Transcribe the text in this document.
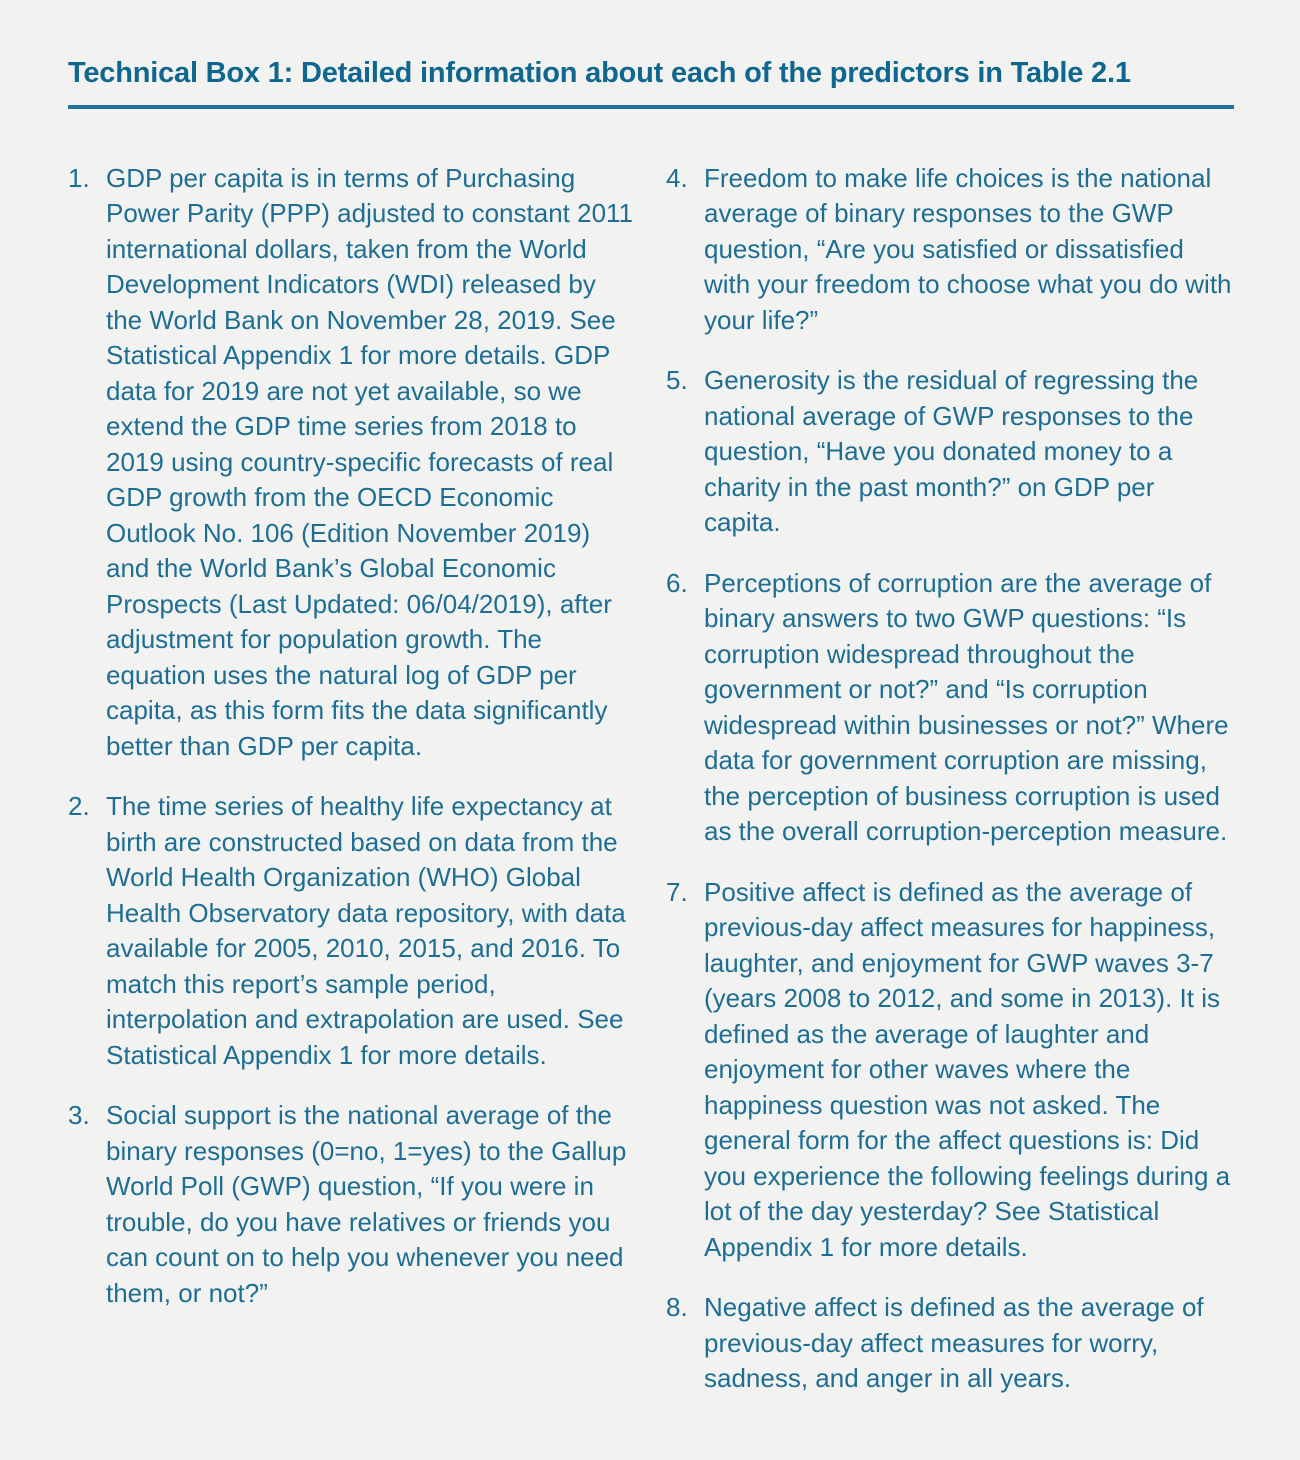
Technical Box 1: Detailed information about each of the predictors in Table 2.1
1. GDP per capita is in terms of Purchasing Power Parity (PPP) adjusted to constant 2011 international dollars, taken from the World Development Indicators (WDI) released by the World Bank on November 28, 2019. See Statistical Appendix 1 for more details. GDP data for 2019 are not yet available, so we extend the GDP time series from 2018 to 2019 using country-specific forecasts of real GDP growth from the OECD Economic Outlook No. 106 (Edition November 2019) and the World Bank’s Global Economic Prospects (Last Updated: 06/04/2019), after adjustment for population growth. The equation uses the natural log of GDP per capita, as this form fits the data significantly better than GDP per capita.
2. The time series of healthy life expectancy at birth are constructed based on data from the World Health Organization (WHO) Global Health Observatory data repository, with data available for 2005, 2010, 2015, and 2016. To match this report’s sample period, interpolation and extrapolation are used. See Statistical Appendix 1 for more details.
3. Social support is the national average of the binary responses (0=no, 1=yes) to the Gallup World Poll (GWP) question, “If you were in trouble, do you have relatives or friends you can count on to help you whenever you need them, or not?”
4. Freedom to make life choices is the national average of binary responses to the GWP question, “Are you satisfied or dissatisfied with your freedom to choose what you do with your life?”
5. Generosity is the residual of regressing the national average of GWP responses to the question, “Have you donated money to a charity in the past month?” on GDP per capita.
6. Perceptions of corruption are the average of binary answers to two GWP questions: “Is corruption widespread throughout the government or not?” and “Is corruption widespread within businesses or not?” Where data for government corruption are missing, the perception of business corruption is used as the overall corruption-perception measure.
7. Positive affect is defined as the average of previous-day affect measures for happiness, laughter, and enjoyment for GWP waves 3-7 (years 2008 to 2012, and some in 2013). It is defined as the average of laughter and enjoyment for other waves where the happiness question was not asked. The general form for the affect questions is: Did you experience the following feelings during a lot of the day yesterday? See Statistical Appendix 1 for more details.
8. Negative affect is defined as the average of previous-day affect measures for worry, sadness, and anger in all years.
